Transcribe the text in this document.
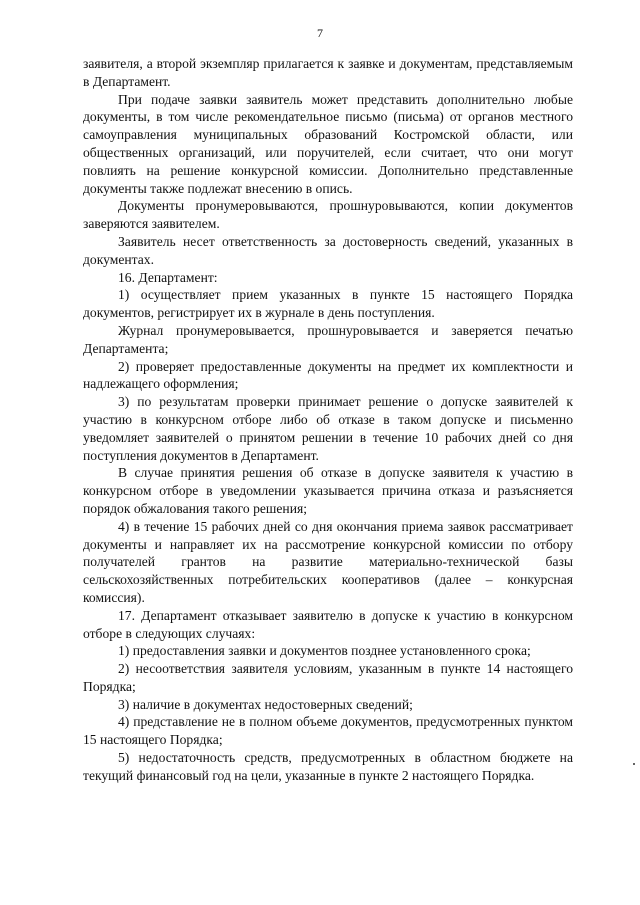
7

заявителя, а второй экземпляр прилагается к заявке и документам, представляемым в Департамент.

При подаче заявки заявитель может представить дополнительно любые документы, в том числе рекомендательное письмо (письма) от органов местного самоуправления муниципальных образований Костромской области, или общественных организаций, или поручителей, если считает, что они могут повлиять на решение конкурсной комиссии. Дополнительно представленные документы также подлежат внесению в опись.

Документы пронумеровываются, прошнуровываются, копии документов заверяются заявителем.

Заявитель несет ответственность за достоверность сведений, указанных в документах.

16. Департамент:

1) осуществляет прием указанных в пункте 15 настоящего Порядка документов, регистрирует их в журнале в день поступления.

Журнал пронумеровывается, прошнуровывается и заверяется печатью Департамента;

2) проверяет предоставленные документы на предмет их комплектности и надлежащего оформления;

3) по результатам проверки принимает решение о допуске заявителей к участию в конкурсном отборе либо об отказе в таком допуске и письменно уведомляет заявителей о принятом решении в течение 10 рабочих дней со дня поступления документов в Департамент.

В случае принятия решения об отказе в допуске заявителя к участию в конкурсном отборе в уведомлении указывается причина отказа и разъясняется порядок обжалования такого решения;

4) в течение 15 рабочих дней со дня окончания приема заявок рассматривает документы и направляет их на рассмотрение конкурсной комиссии по отбору получателей грантов на развитие материально-технической базы сельскохозяйственных потребительских кооперативов (далее – конкурсная комиссия).

17. Департамент отказывает заявителю в допуске к участию в конкурсном отборе в следующих случаях:

1) предоставления заявки и документов позднее установленного срока;

2) несоответствия заявителя условиям, указанным в пункте 14 настоящего Порядка;

3) наличие в документах недостоверных сведений;

4) представление не в полном объеме документов, предусмотренных пунктом 15 настоящего Порядка;

5) недостаточность средств, предусмотренных в областном бюджете на текущий финансовый год на цели, указанные в пункте 2 настоящего Порядка.
